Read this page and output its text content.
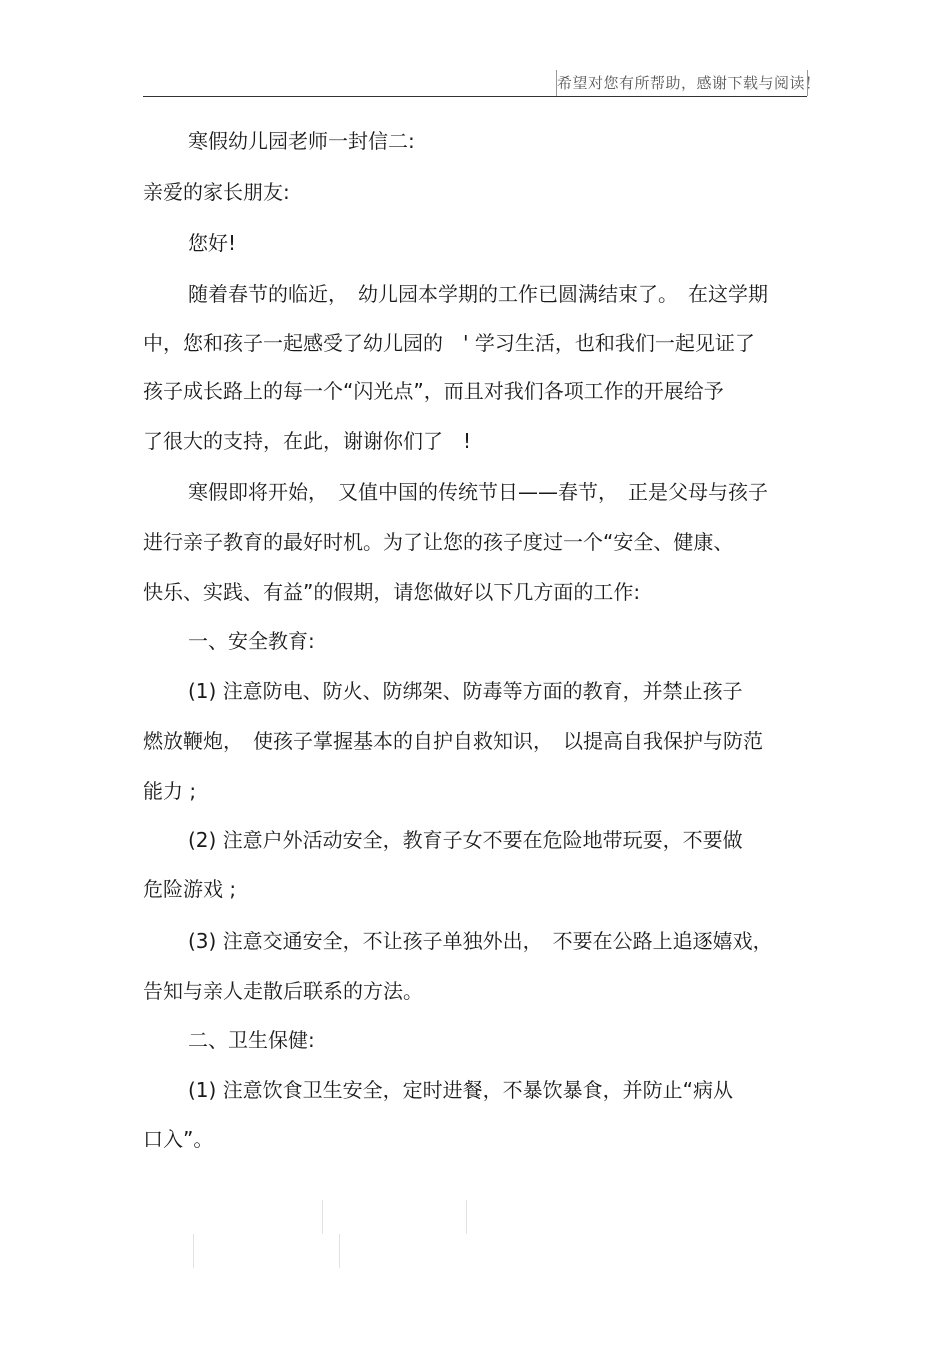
希望对您有所帮助，感谢下载与阅读！
寒假幼儿园老师一封信二:
亲爱的家长朋友:
您好!
随着春节的临近，　幼儿园本学期的工作已圆满结束了。　在这学期
中，您和孩子一起感受了幼儿园的　' 学习生活，也和我们一起见证了
孩子成长路上的每一个“闪光点”，而且对我们各项工作的开展给予
了很大的支持，在此，谢谢你们了　!
寒假即将开始，　又值中国的传统节日——春节，　正是父母与孩子
进行亲子教育的最好时机。为了让您的孩子度过一个“安全、健康、
快乐、实践、有益”的假期，请您做好以下几方面的工作:
一、安全教育:
(1) 注意防电、防火、防绑架、防毒等方面的教育，并禁止孩子
燃放鞭炮，　使孩子掌握基本的自护自救知识，　以提高自我保护与防范
能力 ;
(2) 注意户外活动安全，教育子女不要在危险地带玩耍，不要做
危险游戏 ;
(3) 注意交通安全，不让孩子单独外出，　不要在公路上追逐嬉戏，
告知与亲人走散后联系的方法。
二、卫生保健:
(1) 注意饮食卫生安全，定时进餐，不暴饮暴食，并防止“病从
口入”。
